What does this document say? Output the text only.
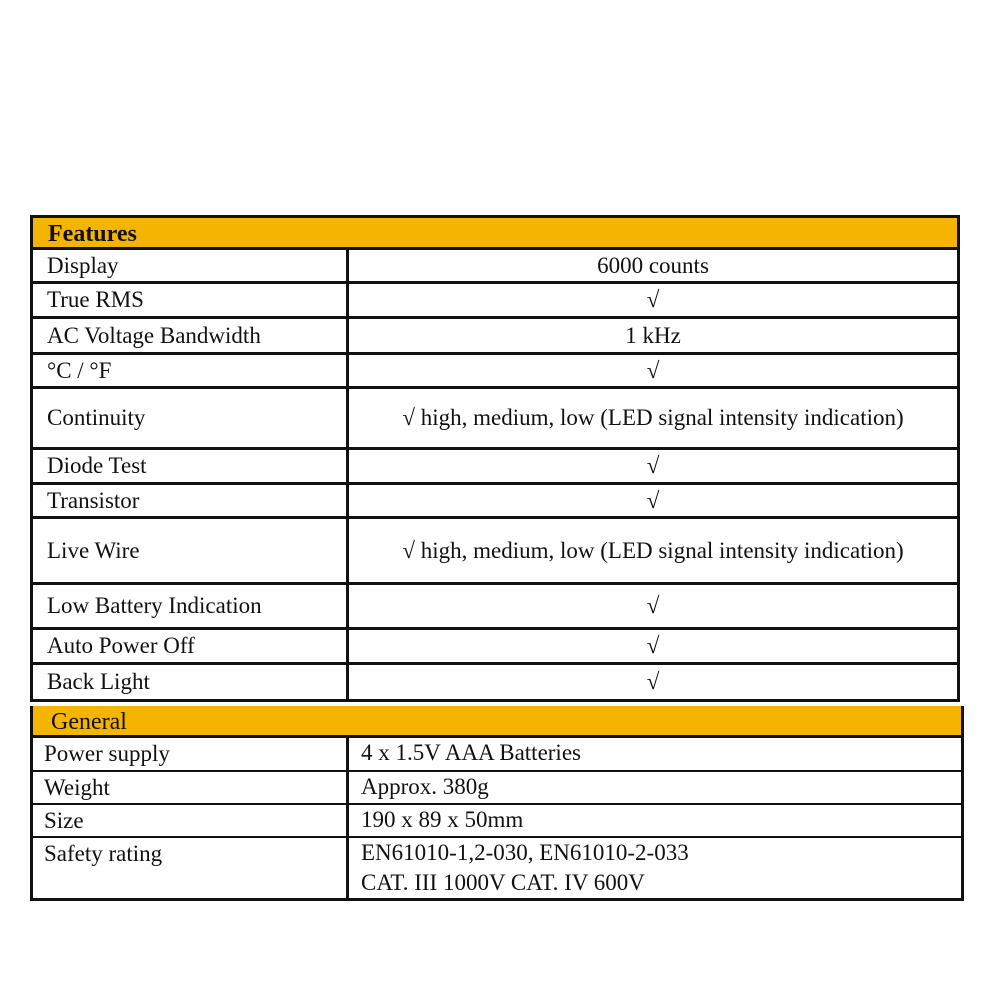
Features
Display	6000 counts
True RMS	√
AC Voltage Bandwidth	1 kHz
°C / °F	√
Continuity	√ high, medium, low (LED signal intensity indication)
Diode Test	√
Transistor	√
Live Wire	√ high, medium, low (LED signal intensity indication)
Low Battery Indication	√
Auto Power Off	√
Back Light	√
General
Power supply	4 x 1.5V AAA Batteries
Weight	Approx. 380g
Size	190 x 89 x 50mm
Safety rating	EN61010-1,2-030, EN61010-2-033
CAT. III 1000V CAT. IV 600V
